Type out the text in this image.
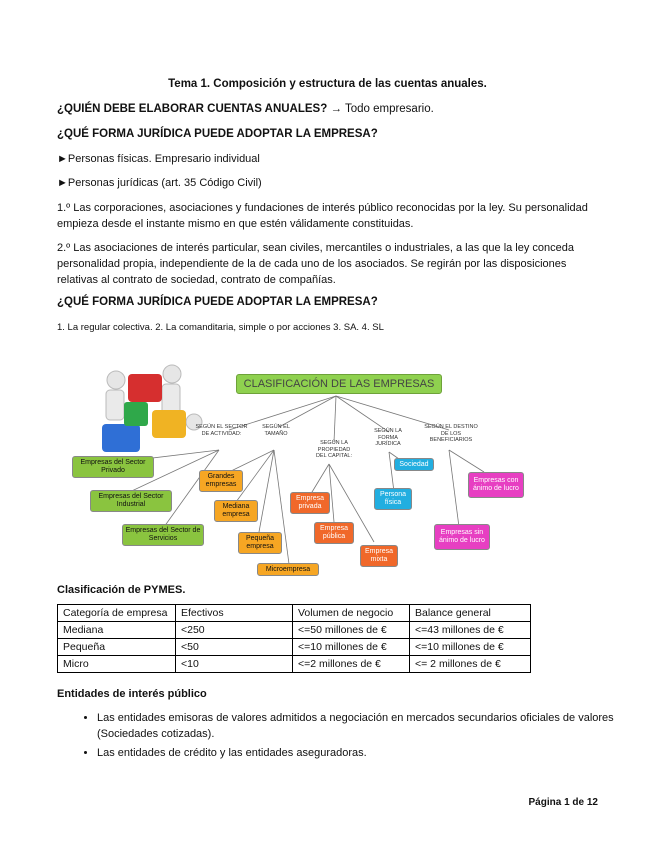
Tema 1. Composición y estructura de las cuentas anuales.
¿QUIÉN DEBE ELABORAR CUENTAS ANUALES? → Todo empresario.
¿QUÉ FORMA JURÍDICA PUEDE ADOPTAR LA EMPRESA?
►Personas físicas. Empresario individual
►Personas jurídicas (art. 35 Código Civil)
1.º Las corporaciones, asociaciones y fundaciones de interés público reconocidas por la ley. Su personalidad empieza desde el instante mismo en que estén válidamente constituidas.
2.º Las asociaciones de interés particular, sean civiles, mercantiles o industriales, a las que la ley conceda personalidad propia, independiente de la de cada uno de los asociados. Se regirán por las disposiciones relativas al contrato de sociedad, contrato de compañías.
¿QUÉ FORMA JURÍDICA PUEDE ADOPTAR LA EMPRESA?
1. La regular colectiva. 2. La comanditaria, simple o por acciones 3. SA. 4. SL
CLASIFICACIÓN DE LAS EMPRESAS
SEGÚN EL SECTOR DE ACTIVIDAD:
SEGÚN EL TAMAÑO
SEGÚN LA PROPIEDAD DEL CAPITAL:
SEGÚN LA FORMA JURÍDICA
SEGÚN EL DESTINO DE LOS BENEFICIARIOS
Empresas del Sector Privado
Empresas del Sector Industrial
Empresas del Sector de Servicios
Grandes empresas
Mediana empresa
Pequeña empresa
Microempresa
Empresa privada
Empresa pública
Empresa mixta
Sociedad
Persona física
Empresas con ánimo de lucro
Empresas sin ánimo de lucro
Clasificación de PYMES.
Categoría de empresa	Efectivos	Volumen de negocio	Balance general
Mediana	<250	<=50 millones de €	<=43 millones de €
Pequeña	<50	<=10 millones de €	<=10 millones de €
Micro	<10	<=2 millones de €	<= 2 millones de €
Entidades de interés público
• Las entidades emisoras de valores admitidos a negociación en mercados secundarios oficiales de valores (Sociedades cotizadas).
• Las entidades de crédito y las entidades aseguradoras.
Página 1 de 12
